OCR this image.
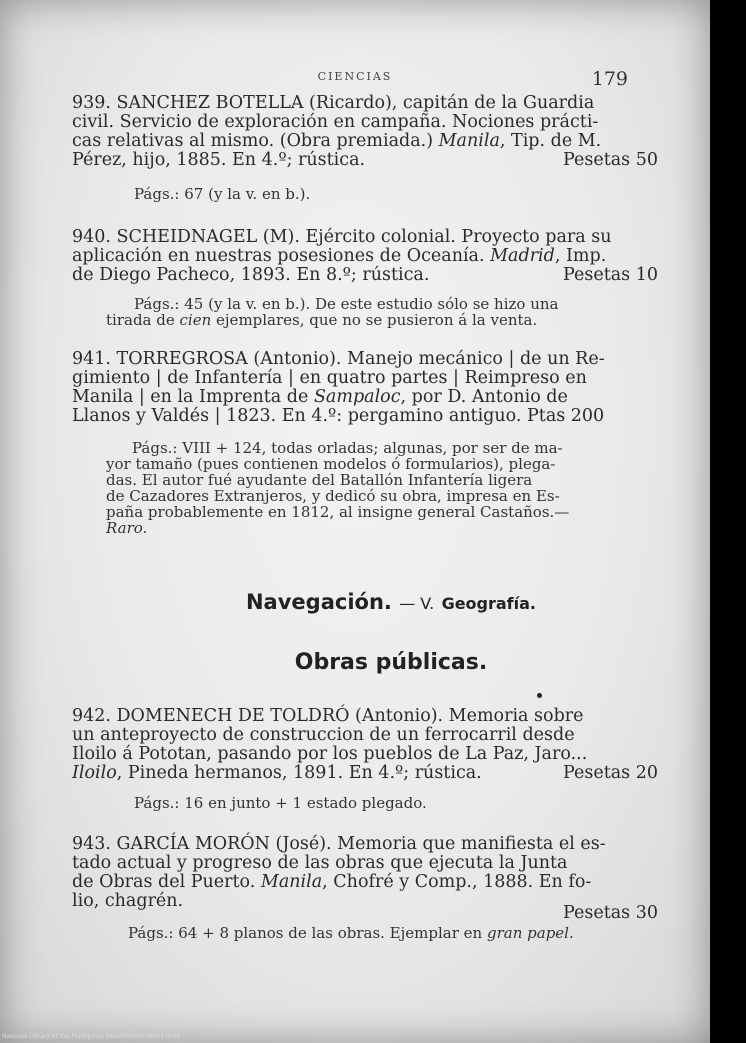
CIENCIAS	179
939. SANCHEZ BOTELLA (Ricardo), capitán de la Guardia
civil. Servicio de exploración en campaña. Nociones prácti-
cas relativas al mismo. (Obra premiada.) Manila, Tip. de M.
Pérez, hijo, 1885. En 4.º; rústica.	Pesetas 50
Págs.: 67 (y la v. en b.).
940. SCHEIDNAGEL (M). Ejército colonial. Proyecto para su
aplicación en nuestras posesiones de Oceanía. Madrid, Imp.
de Diego Pacheco, 1893. En 8.º; rústica.	Pesetas 10
Págs.: 45 (y la v. en b.). De este estudio sólo se hizo una
tirada de cien ejemplares, que no se pusieron á la venta.
941. TORREGROSA (Antonio). Manejo mecánico | de un Re-
gimiento | de Infantería | en quatro partes | Reimpreso en
Manila | en la Imprenta de Sampaloc, por D. Antonio de
Llanos y Valdés | 1823. En 4.º: pergamino antiguo. Ptas 200
Págs.: VIII + 124, todas orladas; algunas, por ser de ma-
yor tamaño (pues contienen modelos ó formularios), plega-
das. El autor fué ayudante del Batallón Infantería ligera
de Cazadores Extranjeros, y dedicó su obra, impresa en Es-
paña probablemente en 1812, al insigne general Castaños.—
Raro.
Navegación. — V. Geografía.
Obras públicas.
942. DOMENECH DE TOLDRÓ (Antonio). Memoria sobre
un anteproyecto de construccion de un ferrocarril desde
Iloilo á Pototan, pasando por los pueblos de La Paz, Jaro...
Iloilo, Pineda hermanos, 1891. En 4.º; rústica.	Pesetas 20
Págs.: 16 en junto + 1 estado plegado.
943. GARCÍA MORÓN (José). Memoria que manifiesta el es-
tado actual y progreso de las obras que ejecuta la Junta
de Obras del Puerto. Manila, Chofré y Comp., 1888. En fo-
lio, chagrén.
Pesetas 30
Págs.: 64 + 8 planos de las obras. Ejemplar en gran papel.
National Library of the Philippines DO24P0000338S0179.tif
